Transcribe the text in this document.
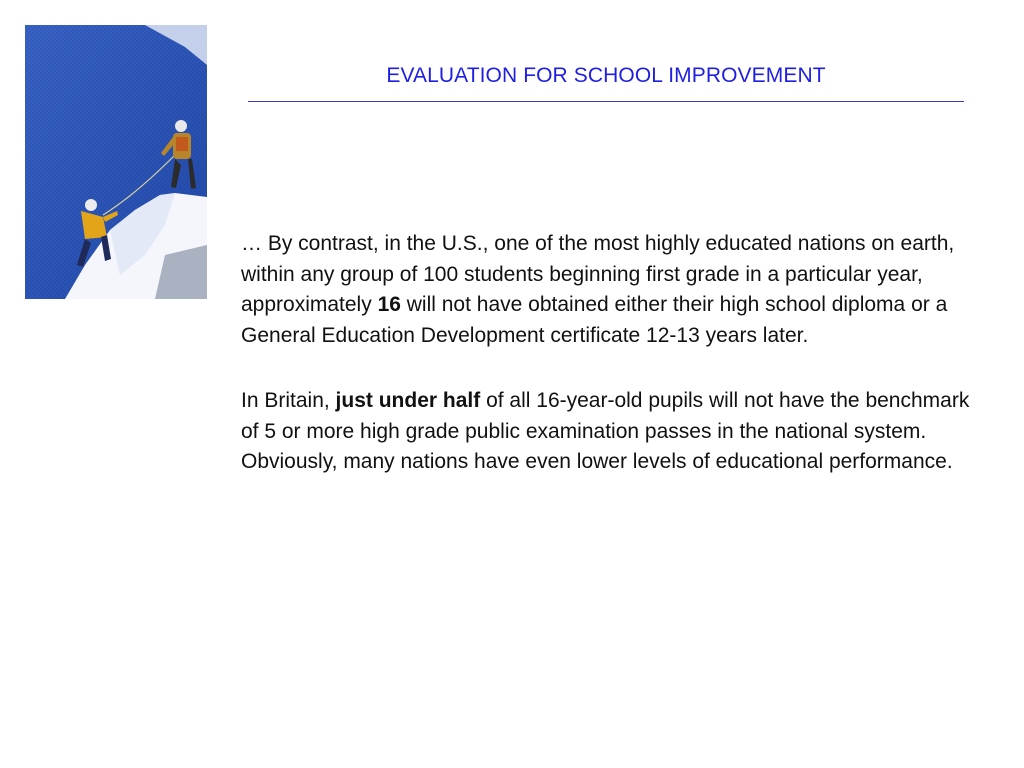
EVALUATION FOR SCHOOL IMPROVEMENT

… By contrast, in the U.S., one of the most highly educated nations on earth, within any group of 100 students beginning first grade in a particular year, approximately 16 will not have obtained either their high school diploma or a General Education Development certificate 12-13 years later.

In Britain, just under half of all 16-year-old pupils will not have the benchmark of 5 or more high grade public examination passes in the national system. Obviously, many nations have even lower levels of educational performance.
